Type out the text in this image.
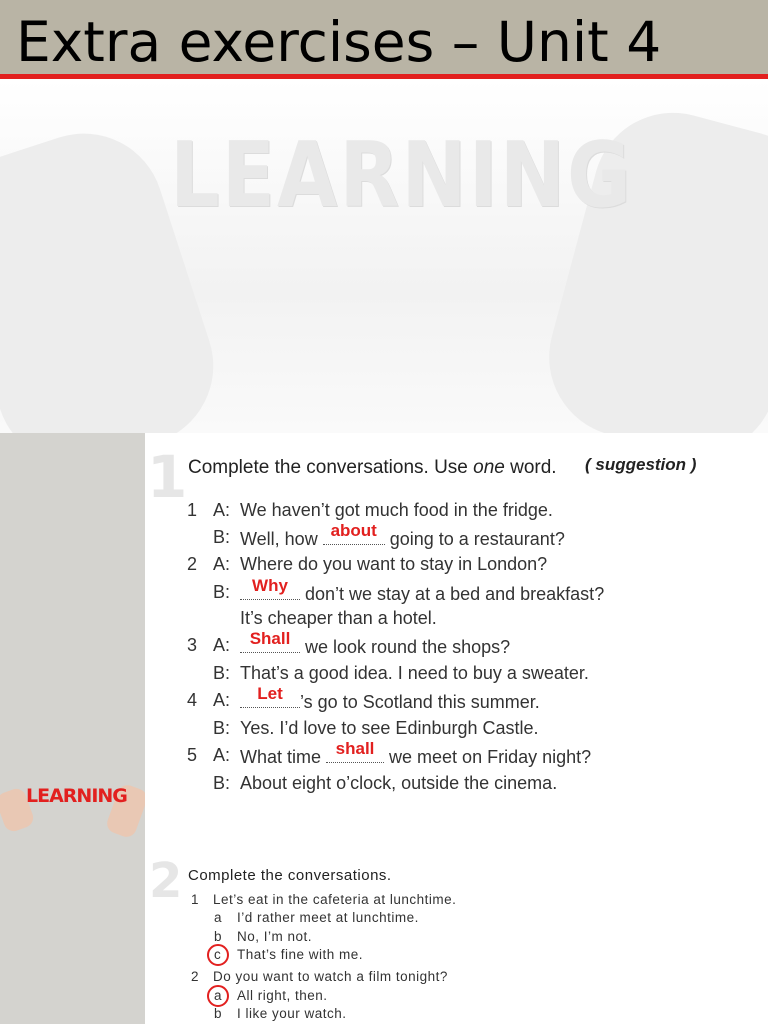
Extra exercises – Unit 4
LEARNING
LEARNING
1 Complete the conversations. Use one word. ( suggestion )
1 A: We haven’t got much food in the fridge.
B: Well, how about going to a restaurant?
2 A: Where do you want to stay in London?
B:	Why don’t we stay at a bed and breakfast?
It’s cheaper than a hotel.
3 A:	Shall we look round the shops?
B: That’s a good idea. I need to buy a sweater.
4 A:	Let ’s go to Scotland this summer.
B: Yes. I’d love to see Edinburgh Castle.
5 A: What time shall we meet on Friday night?
B: About eight o’clock, outside the cinema.
2 Complete the conversations.
1 Let’s eat in the cafeteria at lunchtime.
a I’d rather meet at lunchtime.
b No, I’m not.
c That’s fine with me.
2 Do you want to watch a film tonight?
a All right, then.
b I like your watch.
